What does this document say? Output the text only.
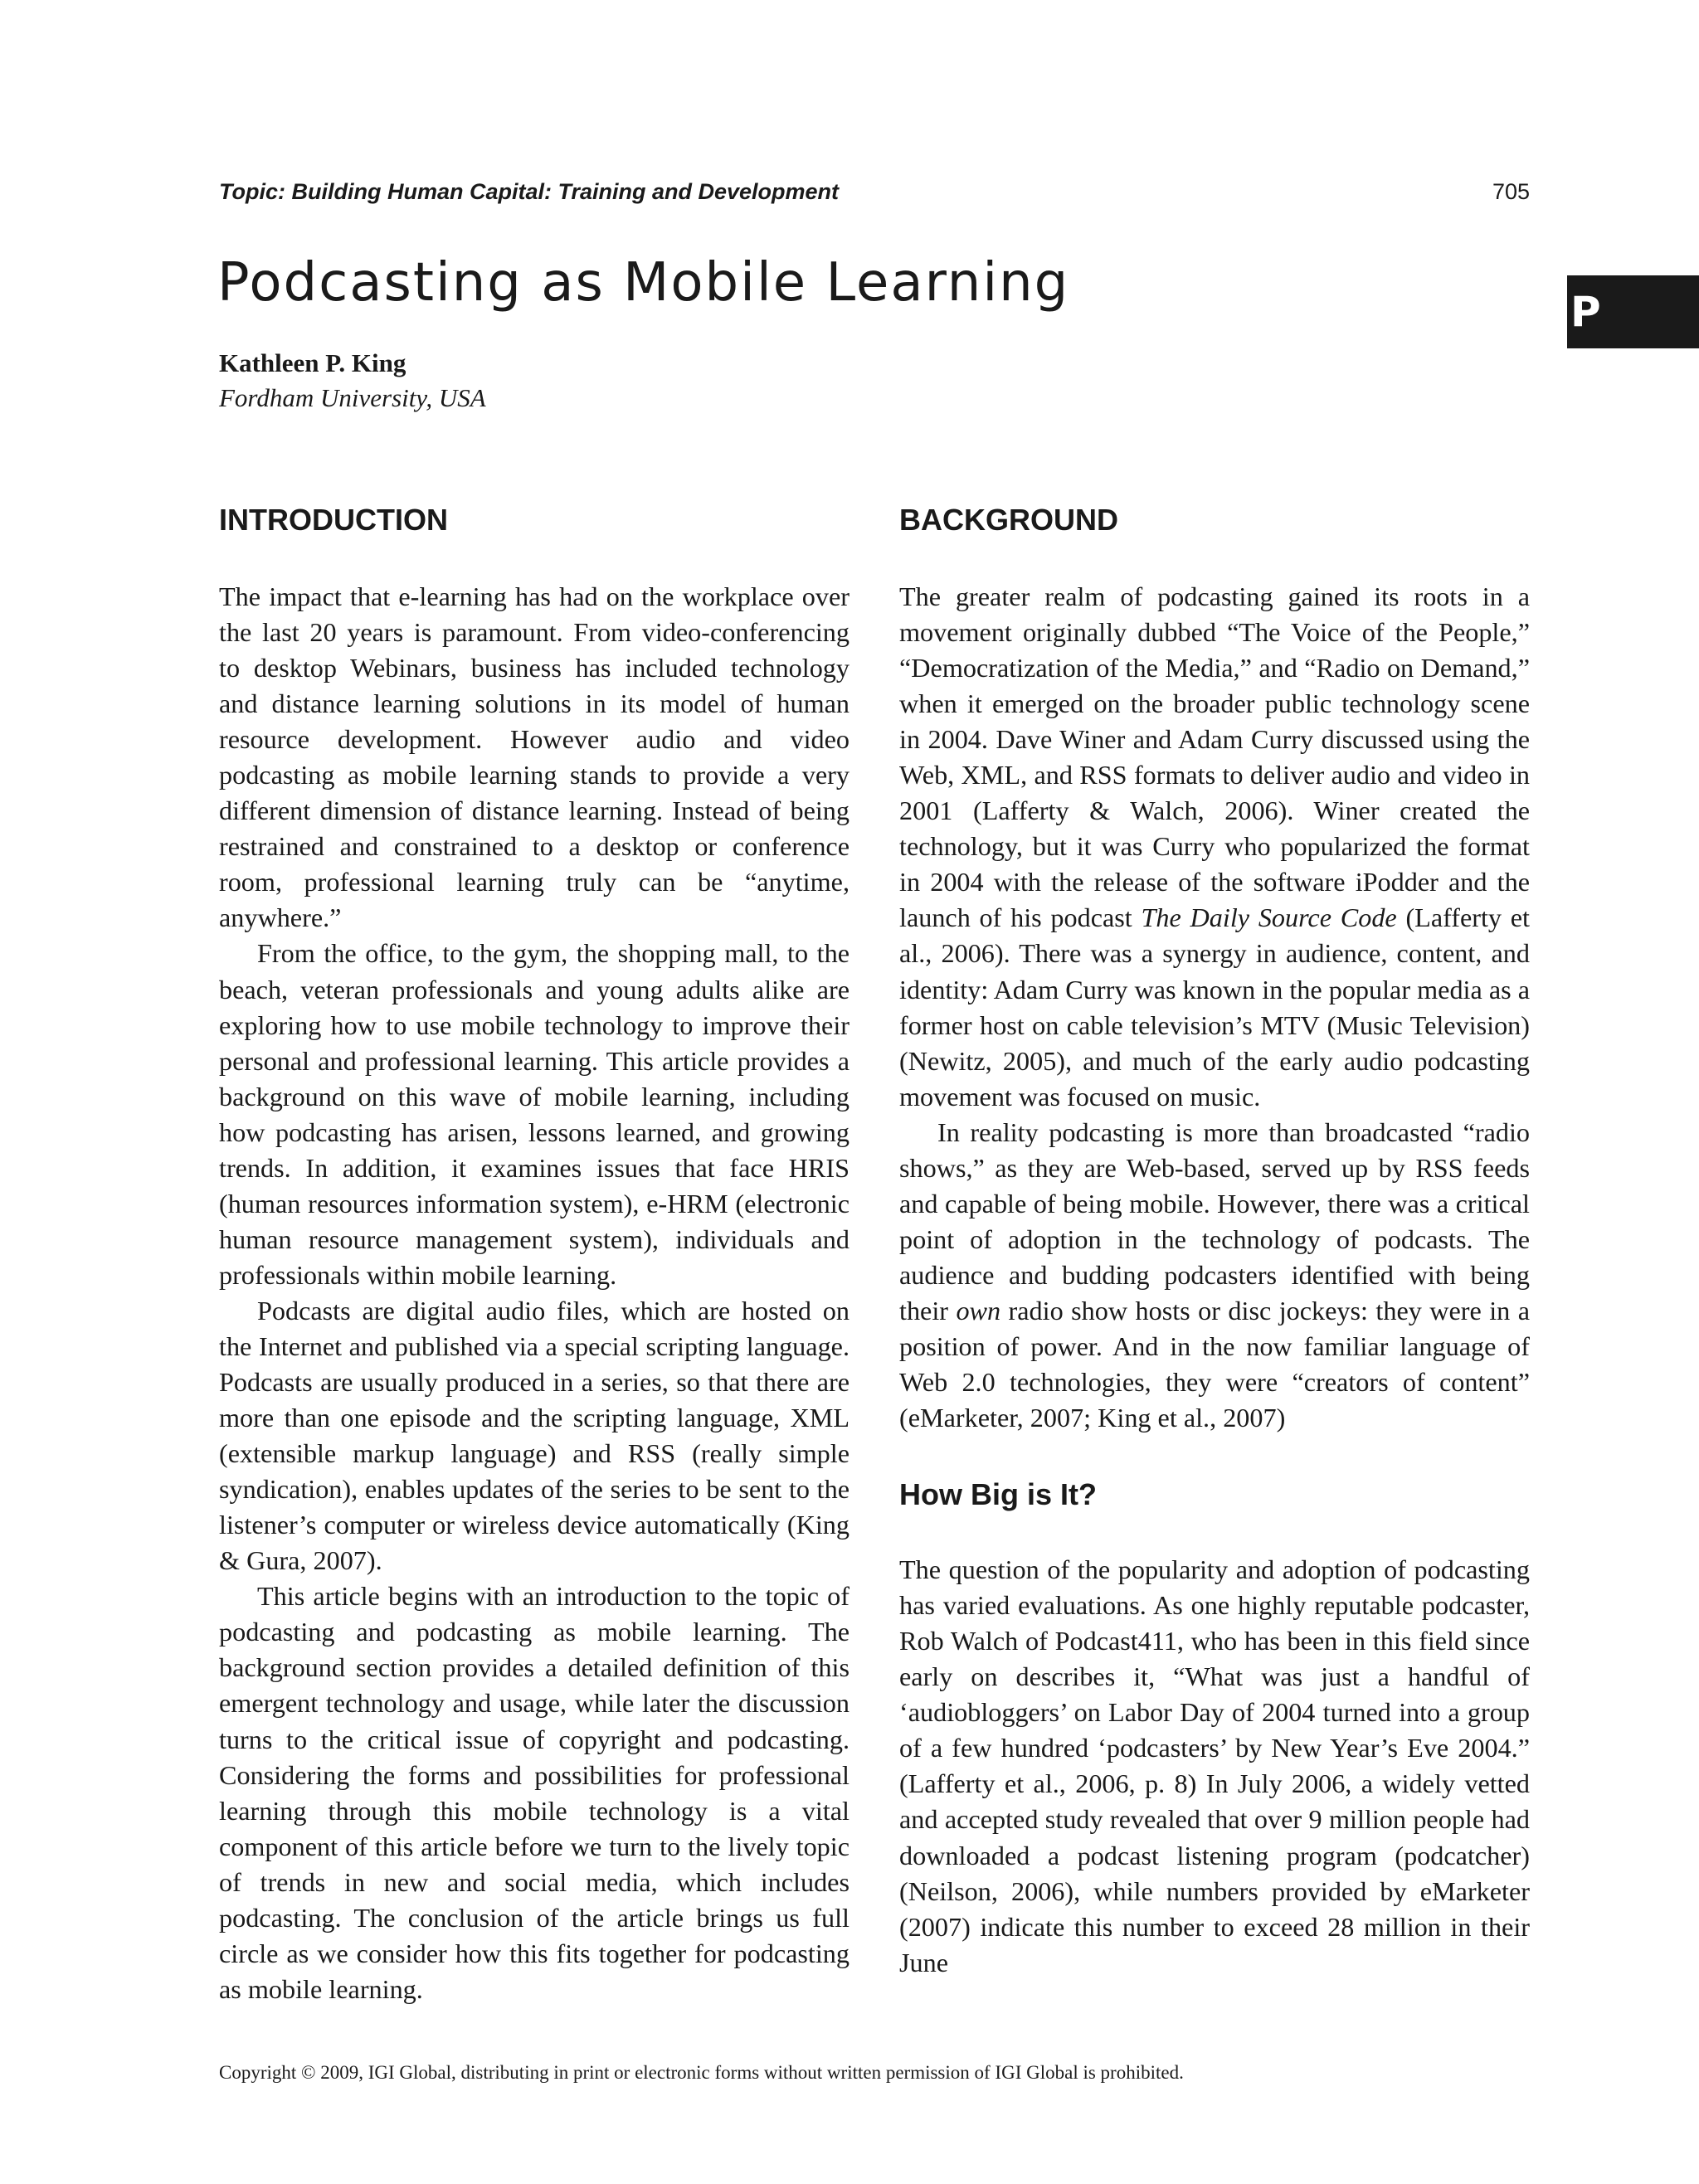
Topic: Building Human Capital: Training and Development	705
P
Podcasting as Mobile Learning
Kathleen P. King
Fordham University, USA
INTRODUCTION

The impact that e-learning has had on the workplace over the last 20 years is paramount. From video-conferencing to desktop Webinars, business has included technology and distance learning solutions in its model of human resource development. However audio and video podcasting as mobile learning stands to provide a very different dimension of distance learning. Instead of being restrained and constrained to a desktop or conference room, professional learning truly can be “anytime, anywhere.”

From the office, to the gym, the shopping mall, to the beach, veteran professionals and young adults alike are exploring how to use mobile technology to improve their personal and professional learning. This article provides a background on this wave of mobile learning, including how podcasting has arisen, lessons learned, and growing trends. In addition, it examines issues that face HRIS (human resources information system), e-HRM (electronic human resource management system), individuals and professionals within mobile learning.

Podcasts are digital audio files, which are hosted on the Internet and published via a special scripting language. Podcasts are usually produced in a series, so that there are more than one episode and the scripting language, XML (extensible markup language) and RSS (really simple syndication), enables updates of the series to be sent to the listener’s computer or wireless device automatically (King & Gura, 2007).

This article begins with an introduction to the topic of podcasting and podcasting as mobile learning. The background section provides a detailed definition of this emergent technology and usage, while later the discussion turns to the critical issue of copyright and podcasting. Considering the forms and possibilities for professional learning through this mobile technology is a vital component of this article before we turn to the lively topic of trends in new and social media, which includes podcasting. The conclusion of the article brings us full circle as we consider how this fits together for podcasting as mobile learning.

BACKGROUND

The greater realm of podcasting gained its roots in a movement originally dubbed “The Voice of the People,” “Democratization of the Media,” and “Radio on Demand,” when it emerged on the broader public technology scene in 2004. Dave Winer and Adam Curry discussed using the Web, XML, and RSS formats to deliver audio and video in 2001 (Lafferty & Walch, 2006). Winer created the technology, but it was Curry who popularized the format in 2004 with the release of the software iPodder and the launch of his podcast The Daily Source Code (Lafferty et al., 2006). There was a synergy in audience, content, and identity: Adam Curry was known in the popular media as a former host on cable television’s MTV (Music Television) (Newitz, 2005), and much of the early audio podcasting movement was focused on music.

In reality podcasting is more than broadcasted “radio shows,” as they are Web-based, served up by RSS feeds and capable of being mobile. However, there was a critical point of adoption in the technology of podcasts. The audience and budding podcasters identified with being their own radio show hosts or disc jockeys: they were in a position of power. And in the now familiar language of Web 2.0 technologies, they were “creators of content” (eMarketer, 2007; King et al., 2007)

How Big is It?

The question of the popularity and adoption of podcasting has varied evaluations. As one highly reputable podcaster, Rob Walch of Podcast411, who has been in this field since early on describes it, “What was just a handful of ‘audiobloggers’ on Labor Day of 2004 turned into a group of a few hundred ‘podcasters’ by New Year’s Eve 2004.” (Lafferty et al., 2006, p. 8) In July 2006, a widely vetted and accepted study revealed that over 9 million people had downloaded a podcast listening program (podcatcher) (Neilson, 2006), while numbers provided by eMarketer (2007) indicate this number to exceed 28 million in their June

Copyright © 2009, IGI Global, distributing in print or electronic forms without written permission of IGI Global is prohibited.
